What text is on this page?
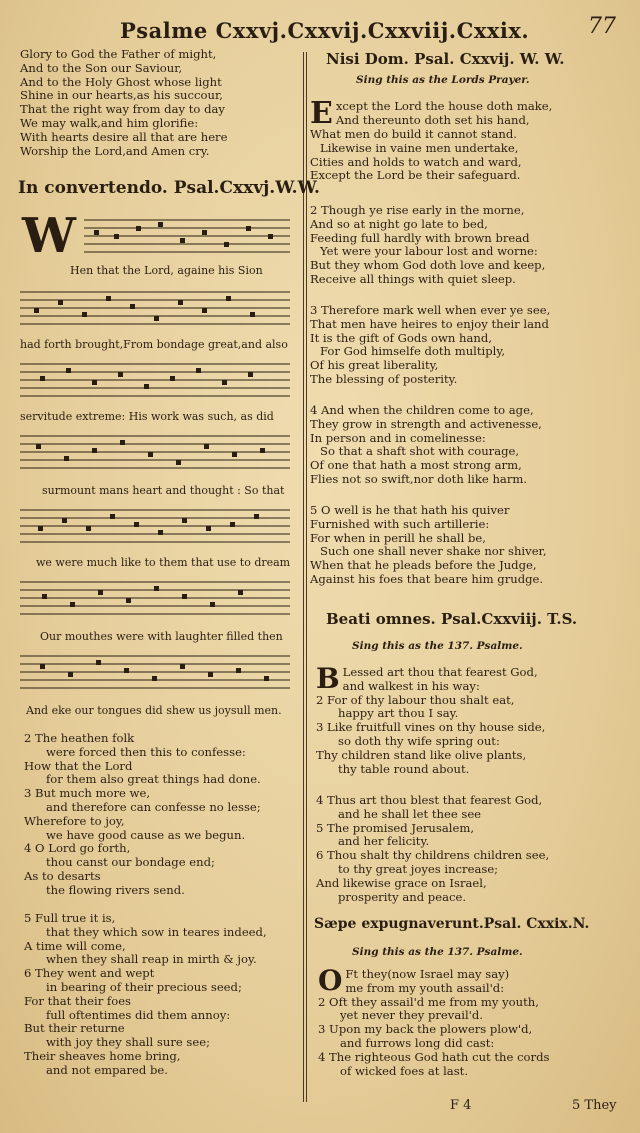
Psalme Cxxvj.Cxxvij.Cxxviij.Cxxix.	77

Glory to God the Father of might,

And to the Son our Saviour,

And to the Holy Ghost whose light

Shine in our hearts,as his succour,

That the right way from day to day

We may walk,and him glorifie:

With hearts desire all that are here

Worship the Lord,and Amen cry.

In convertendo. Psal.Cxxvj.W.W.
W
Hen that the Lord, againe his Sion
had forth brought,From bondage great,and also
servitude extreme: His work was such, as did
surmount mans heart and thought : So that
we were much like to them that use to dream
Our mouthes were with laughter filled then
And eke our tongues did shew us joysull men.

2 The heathen folk

were forced then this to confesse:

How that the Lord

for them also great things had done.

3 But much more we,

and therefore can confesse no lesse;

Wherefore to joy,

we have good cause as we begun.

4 O Lord go forth,

thou canst our bondage end;

As to desarts

the flowing rivers send.

5 Full true it is,

that they which sow in teares indeed,

A time will come,

when they shall reap in mirth & joy.

6 They went and wept

in bearing of their precious seed;

For that their foes

full oftentimes did them annoy:

But their returne

with joy they shall sure see;

Their sheaves home bring,

and not empared be.

Nisi Dom. Psal. Cxxvij. W. W.
Sing this as the Lords Prayer.
E xcept the Lord the house doth make,

And thereunto doth set his hand,

What men do build it cannot stand.

Likewise in vaine men undertake,

Cities and holds to watch and ward,

Except the Lord be their safeguard.

2 Though ye rise early in the morne,

And so at night go late to bed,

Feeding full hardly with brown bread

Yet were your labour lost and worne:

But they whom God doth love and keep,

Receive all things with quiet sleep.

3 Therefore mark well when ever ye see,

That men have heires to enjoy their land

It is the gift of Gods own hand,

For God himselfe doth multiply,

Of his great liberality,

The blessing of posterity.

4 And when the children come to age,

They grow in strength and activenesse,

In person and in comelinesse:

So that a shaft shot with courage,

Of one that hath a most strong arm,

Flies not so swift,nor doth like harm.

5 O well is he that hath his quiver

Furnished with such artillerie:

For when in perill he shall be,

Such one shall never shake nor shiver,

When that he pleads before the Judge,

Against his foes that beare him grudge.

Beati omnes. Psal.Cxxviij. T.S.
Sing this as the 137. Psalme.
B Lessed art thou that fearest God,

and walkest in his way:

2 For of thy labour thou shalt eat,

happy art thou I say.

3 Like fruitfull vines on thy house side,

so doth thy wife spring out:

Thy children stand like olive plants,

thy table round about.

4 Thus art thou blest that fearest God,

and he shall let thee see

5 The promised Jerusalem,

and her felicity.

6 Thou shalt thy childrens children see,

to thy great joyes increase;

And likewise grace on Israel,

prosperity and peace.

Sæpe expugnaverunt.Psal. Cxxix.N.
Sing this as the 137. Psalme.
O Ft they(now Israel may say)

me from my youth assail'd:

2 Oft they assail'd me from my youth,

yet never they prevail'd.

3 Upon my back the plowers plow'd,

and furrows long did cast:

4 The righteous God hath cut the cords

of wicked foes at last.

F 4	5 They
